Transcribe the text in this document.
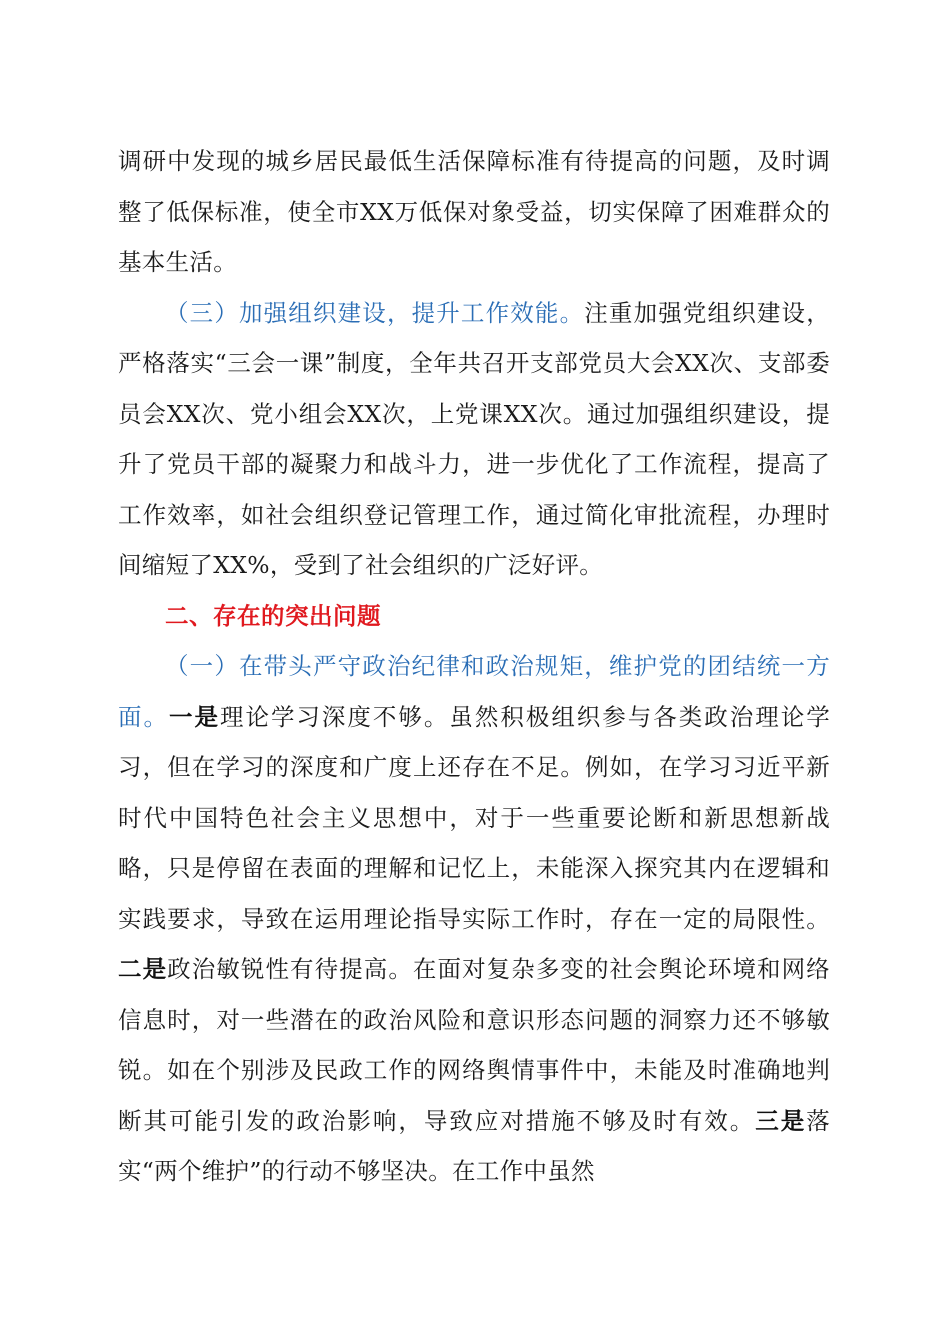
调研中发现的城乡居民最低生活保障标准有待提高的问题，及时调整了低保标准，使全市XX万低保对象受益，切实保障了困难群众的基本生活。

（三）加强组织建设，提升工作效能。注重加强党组织建设，严格落实“三会一课”制度，全年共召开支部党员大会XX次、支部委员会XX次、党小组会XX次，上党课XX次。通过加强组织建设，提升了党员干部的凝聚力和战斗力，进一步优化了工作流程，提高了工作效率，如社会组织登记管理工作，通过简化审批流程，办理时间缩短了XX%，受到了社会组织的广泛好评。

二、存在的突出问题

（一）在带头严守政治纪律和政治规矩，维护党的团结统一方面。一是理论学习深度不够。虽然积极组织参与各类政治理论学习，但在学习的深度和广度上还存在不足。例如，在学习习近平新时代中国特色社会主义思想中，对于一些重要论断和新思想新战略，只是停留在表面的理解和记忆上，未能深入探究其内在逻辑和实践要求，导致在运用理论指导实际工作时，存在一定的局限性。二是政治敏锐性有待提高。在面对复杂多变的社会舆论环境和网络信息时，对一些潜在的政治风险和意识形态问题的洞察力还不够敏锐。如在个别涉及民政工作的网络舆情事件中，未能及时准确地判断其可能引发的政治影响，导致应对措施不够及时有效。三是落实“两个维护”的行动不够坚决。在工作中虽然
